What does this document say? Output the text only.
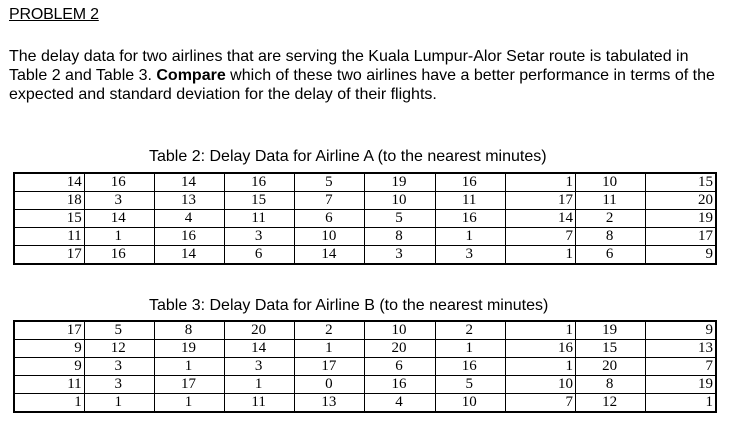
PROBLEM 2
The delay data for two airlines that are serving the Kuala Lumpur-Alor Setar route is tabulated in Table 2 and Table 3. Compare which of these two airlines have a better performance in terms of the expected and standard deviation for the delay of their flights.
Table 2: Delay Data for Airline A (to the nearest minutes)
14	16	14	16	5	19	16	1	10	15
18	3	13	15	7	10	11	17	11	20
15	14	4	11	6	5	16	14	2	19
11	1	16	3	10	8	1	7	8	17
17	16	14	6	14	3	3	1	6	9
Table 3: Delay Data for Airline B (to the nearest minutes)
17	5	8	20	2	10	2	1	19	9
9	12	19	14	1	20	1	16	15	13
9	3	1	3	17	6	16	1	20	7
11	3	17	1	0	16	5	10	8	19
1	1	1	11	13	4	10	7	12	1
